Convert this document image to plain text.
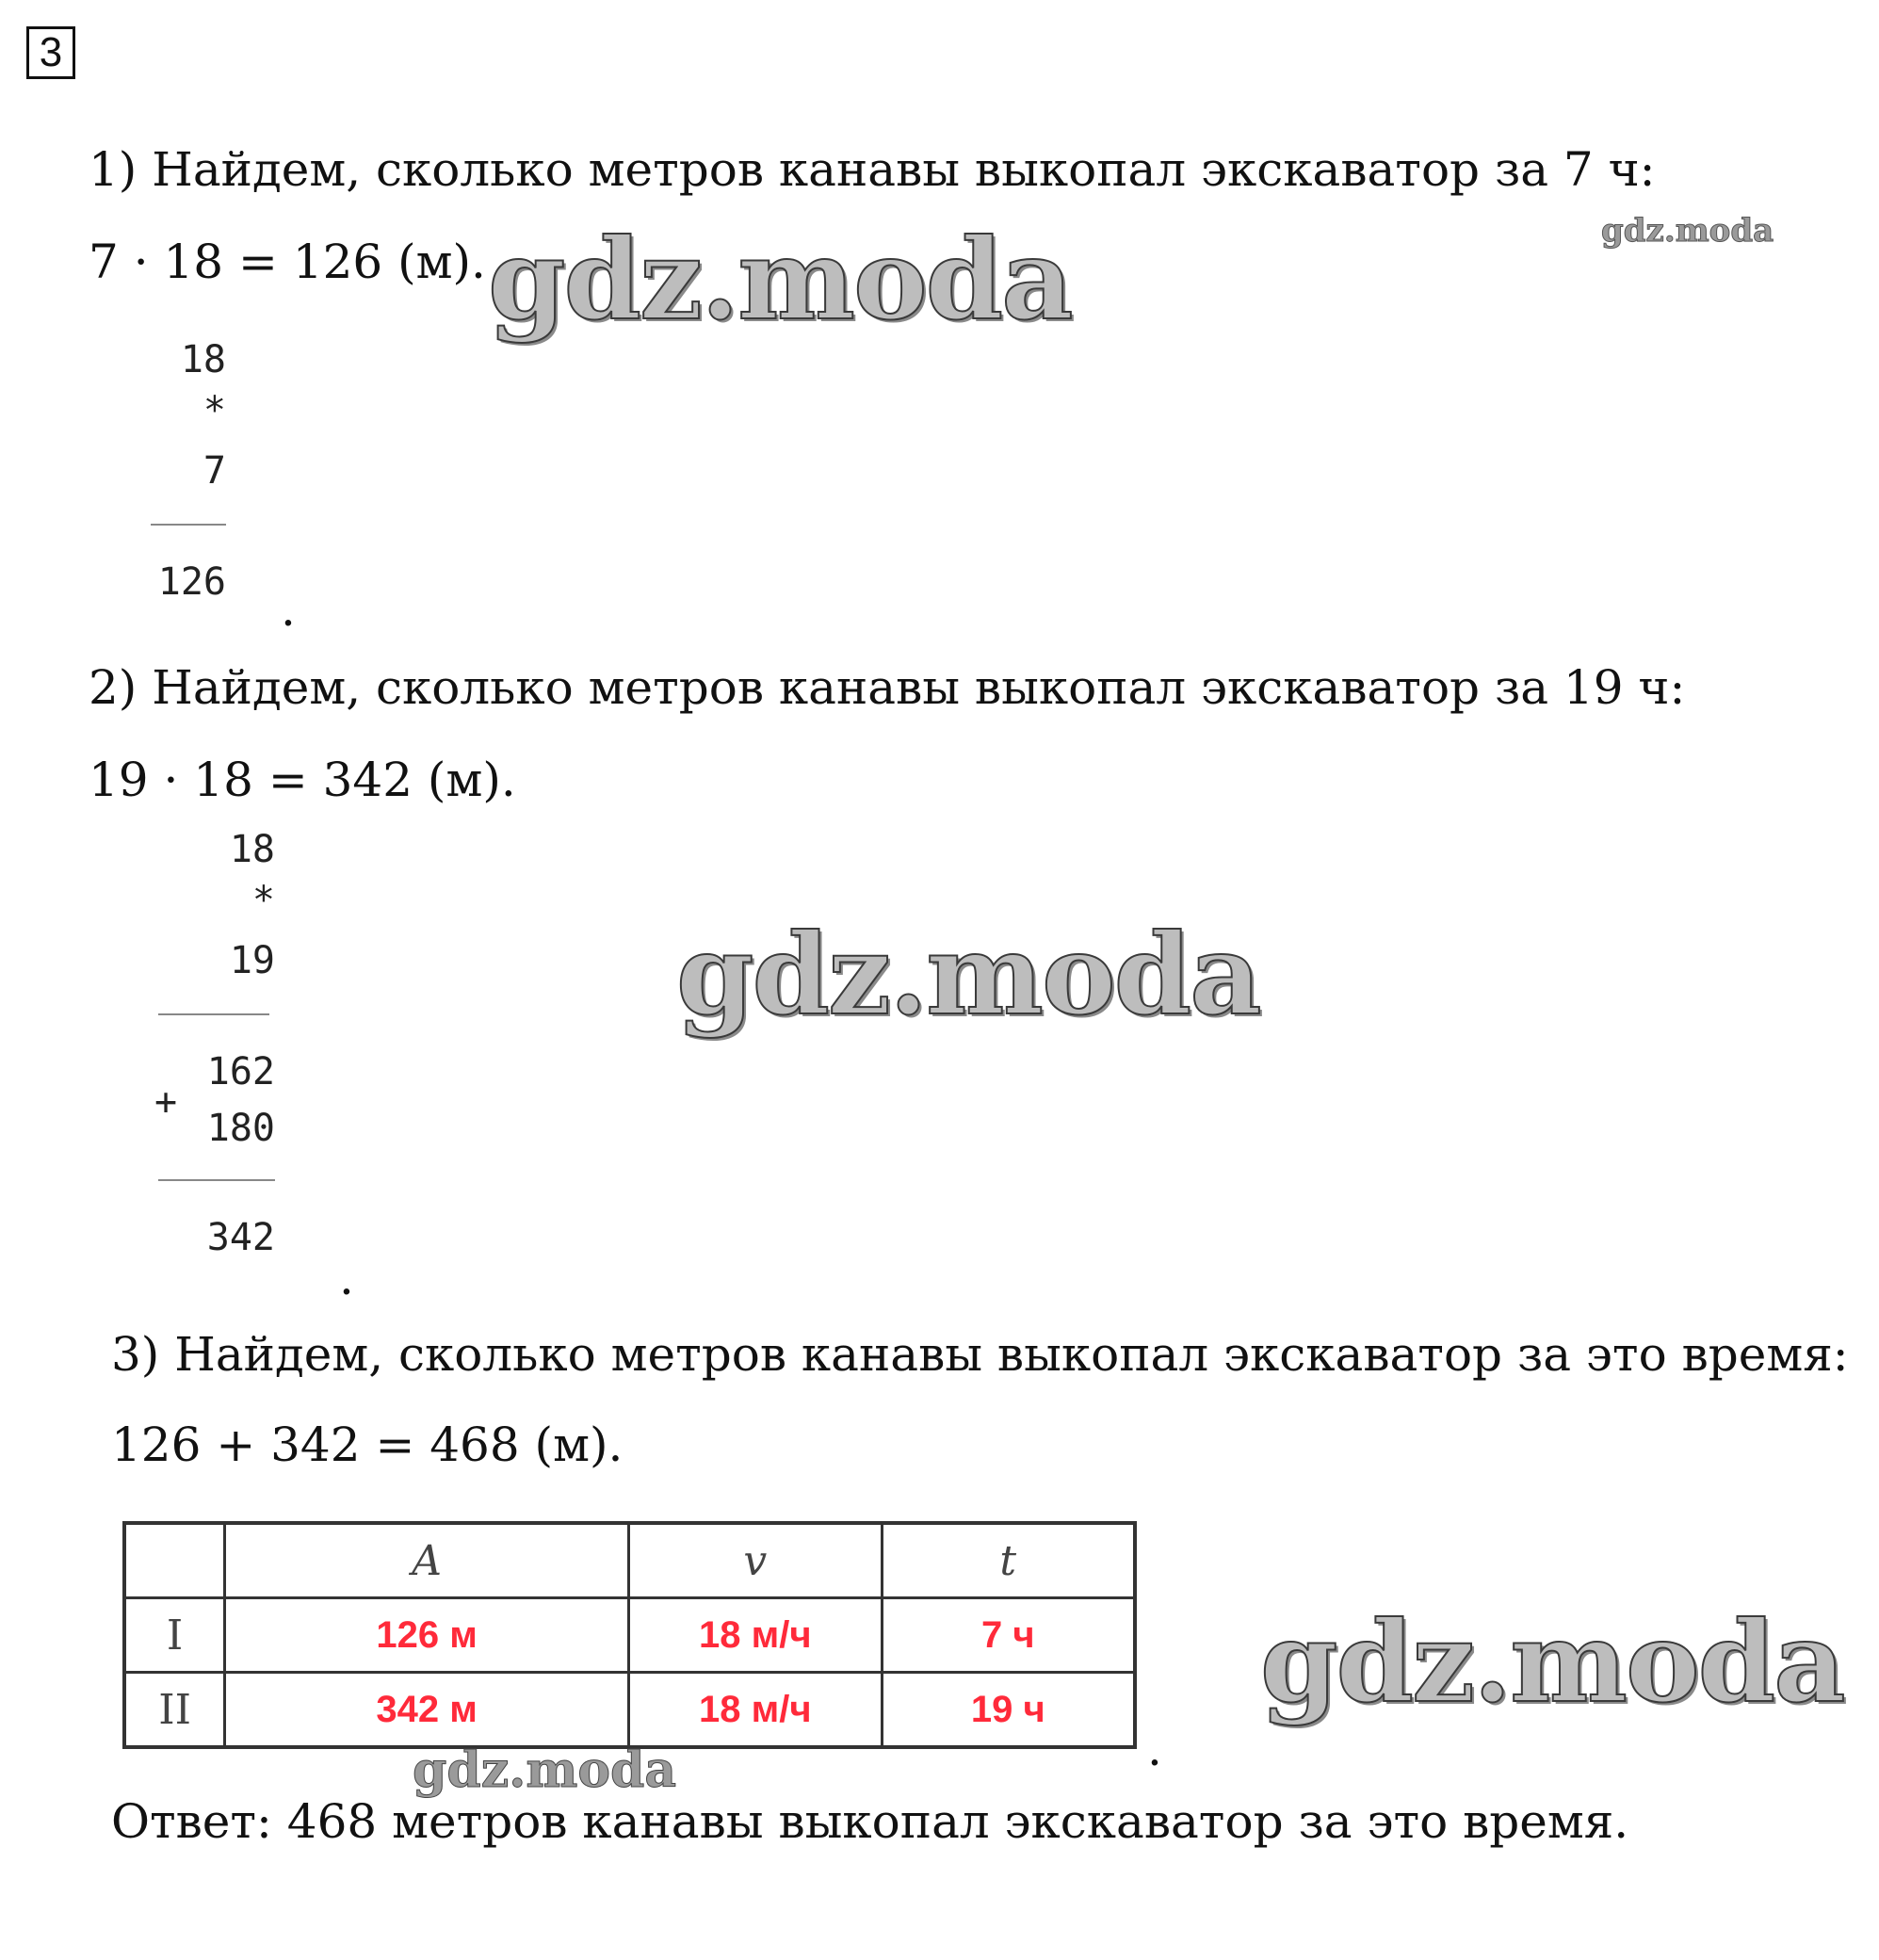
3
1) Найдем, сколько метров канавы выкопал экскаватор за 7 ч:
7 · 18 = 126 (м).
18
*
7
126 .
2) Найдем, сколько метров канавы выкопал экскаватор за 19 ч:
19 · 18 = 342 (м).
18
*
19
162
+
180
342
.
3) Найдем, сколько метров канавы выкопал экскаватор за это время:
126 + 342 = 468 (м).
	A	v	t
I	126 м	18 м/ч	7 ч
II	342 м	18 м/ч	19 ч
.
Ответ: 468 метров канавы выкопал экскаватор за это время.
gdz.moda	gdz.moda
gdz.moda
gdz.moda
gdz.moda
